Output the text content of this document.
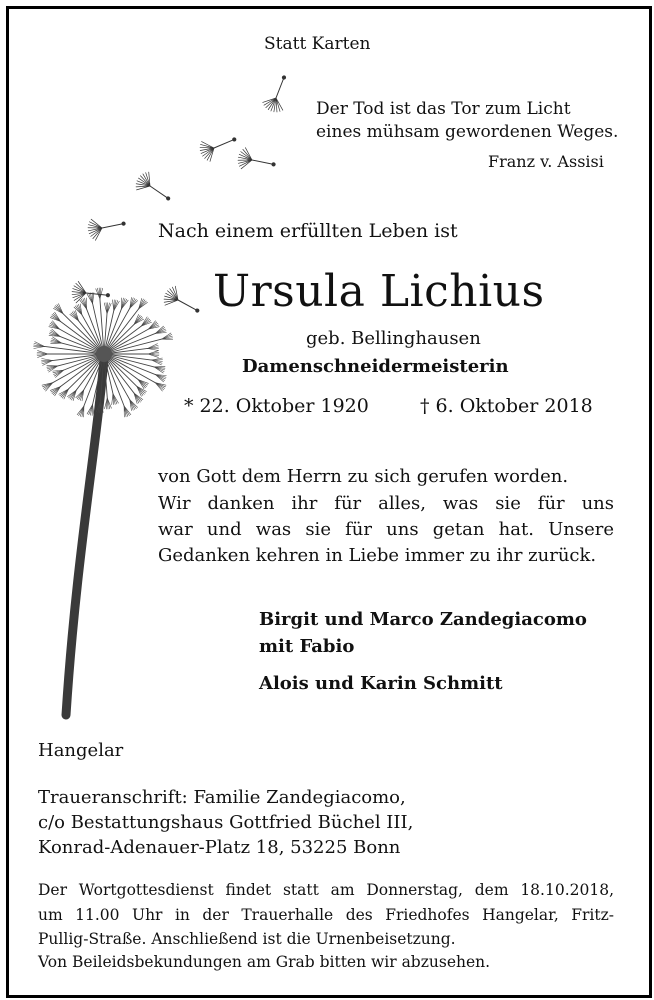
Statt Karten
Der Tod ist das Tor zum Licht
eines mühsam gewordenen Weges.
Franz v. Assisi
Nach einem erfüllten Leben ist
Ursula Lichius
geb. Bellinghausen
Damenschneidermeisterin
* 22. Oktober 1920	† 6. Oktober 2018
von Gott dem Herrn zu sich gerufen worden.
Wir danken ihr für alles, was sie für uns
war und was sie für uns getan hat. Unsere
Gedanken kehren in Liebe immer zu ihr zurück.
Birgit und Marco Zandegiacomo
mit Fabio
Alois und Karin Schmitt
Hangelar
Traueranschrift: Familie Zandegiacomo,
c/o Bestattungshaus Gottfried Büchel III,
Konrad-Adenauer-Platz 18, 53225 Bonn
Der Wortgottesdienst findet statt am Donnerstag, dem 18.10.2018,
um 11.00 Uhr in der Trauerhalle des Friedhofes Hangelar, Fritz-
Pullig-Straße. Anschließend ist die Urnenbeisetzung.
Von Beileidsbekundungen am Grab bitten wir abzusehen.
